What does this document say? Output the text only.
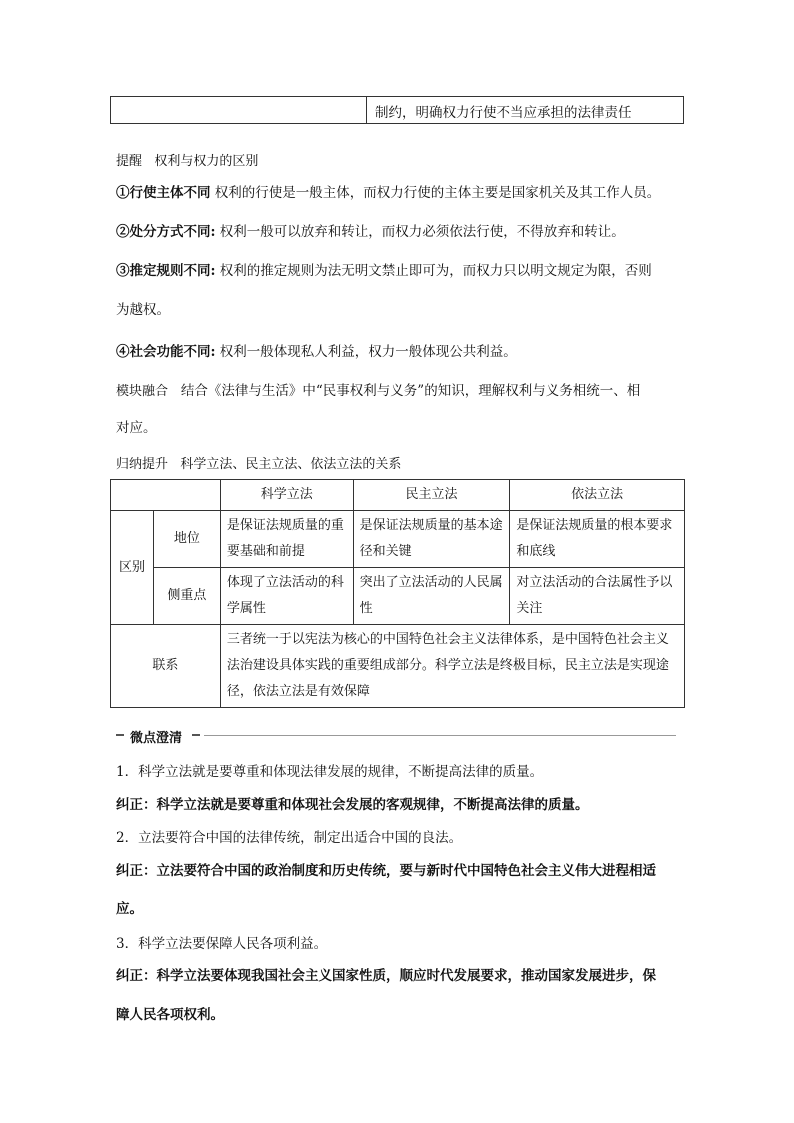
制约，明确权力行使不当应承担的法律责任
提醒 权利与权力的区别
①行使主体不同 权利的行使是一般主体，而权力行使的主体主要是国家机关及其工作人员。
②处分方式不同: 权利一般可以放弃和转让，而权力必须依法行使，不得放弃和转让。
③推定规则不同: 权利的推定规则为法无明文禁止即可为，而权力只以明文规定为限，否则
为越权。
④社会功能不同: 权利一般体现私人利益，权力一般体现公共利益。
模块融合 结合《法律与生活》中“民事权利与义务”的知识，理解权利与义务相统一、相
对应。
归纳提升 科学立法、民主立法、依法立法的关系
		科学立法	民主立法	依法立法
区别	地位	是保证法规质量的重要基础和前提	是保证法规质量的基本途径和关键	是保证法规质量的根本要求和底线
	侧重点	体现了立法活动的科学属性	突出了立法活动的人民属性	对立法活动的合法属性予以关注
联系		三者统一于以宪法为核心的中国特色社会主义法律体系，是中国特色社会主义法治建设具体实践的重要组成部分。科学立法是终极目标，民主立法是实现途径，依法立法是有效保障		
微点澄清
1．科学立法就是要尊重和体现法律发展的规律，不断提高法律的质量。
纠正：科学立法就是要尊重和体现社会发展的客观规律，不断提高法律的质量。
2．立法要符合中国的法律传统，制定出适合中国的良法。
纠正：立法要符合中国的政治制度和历史传统，要与新时代中国特色社会主义伟大进程相适
应。
3．科学立法要保障人民各项利益。
纠正：科学立法要体现我国社会主义国家性质，顺应时代发展要求，推动国家发展进步，保
障人民各项权利。
